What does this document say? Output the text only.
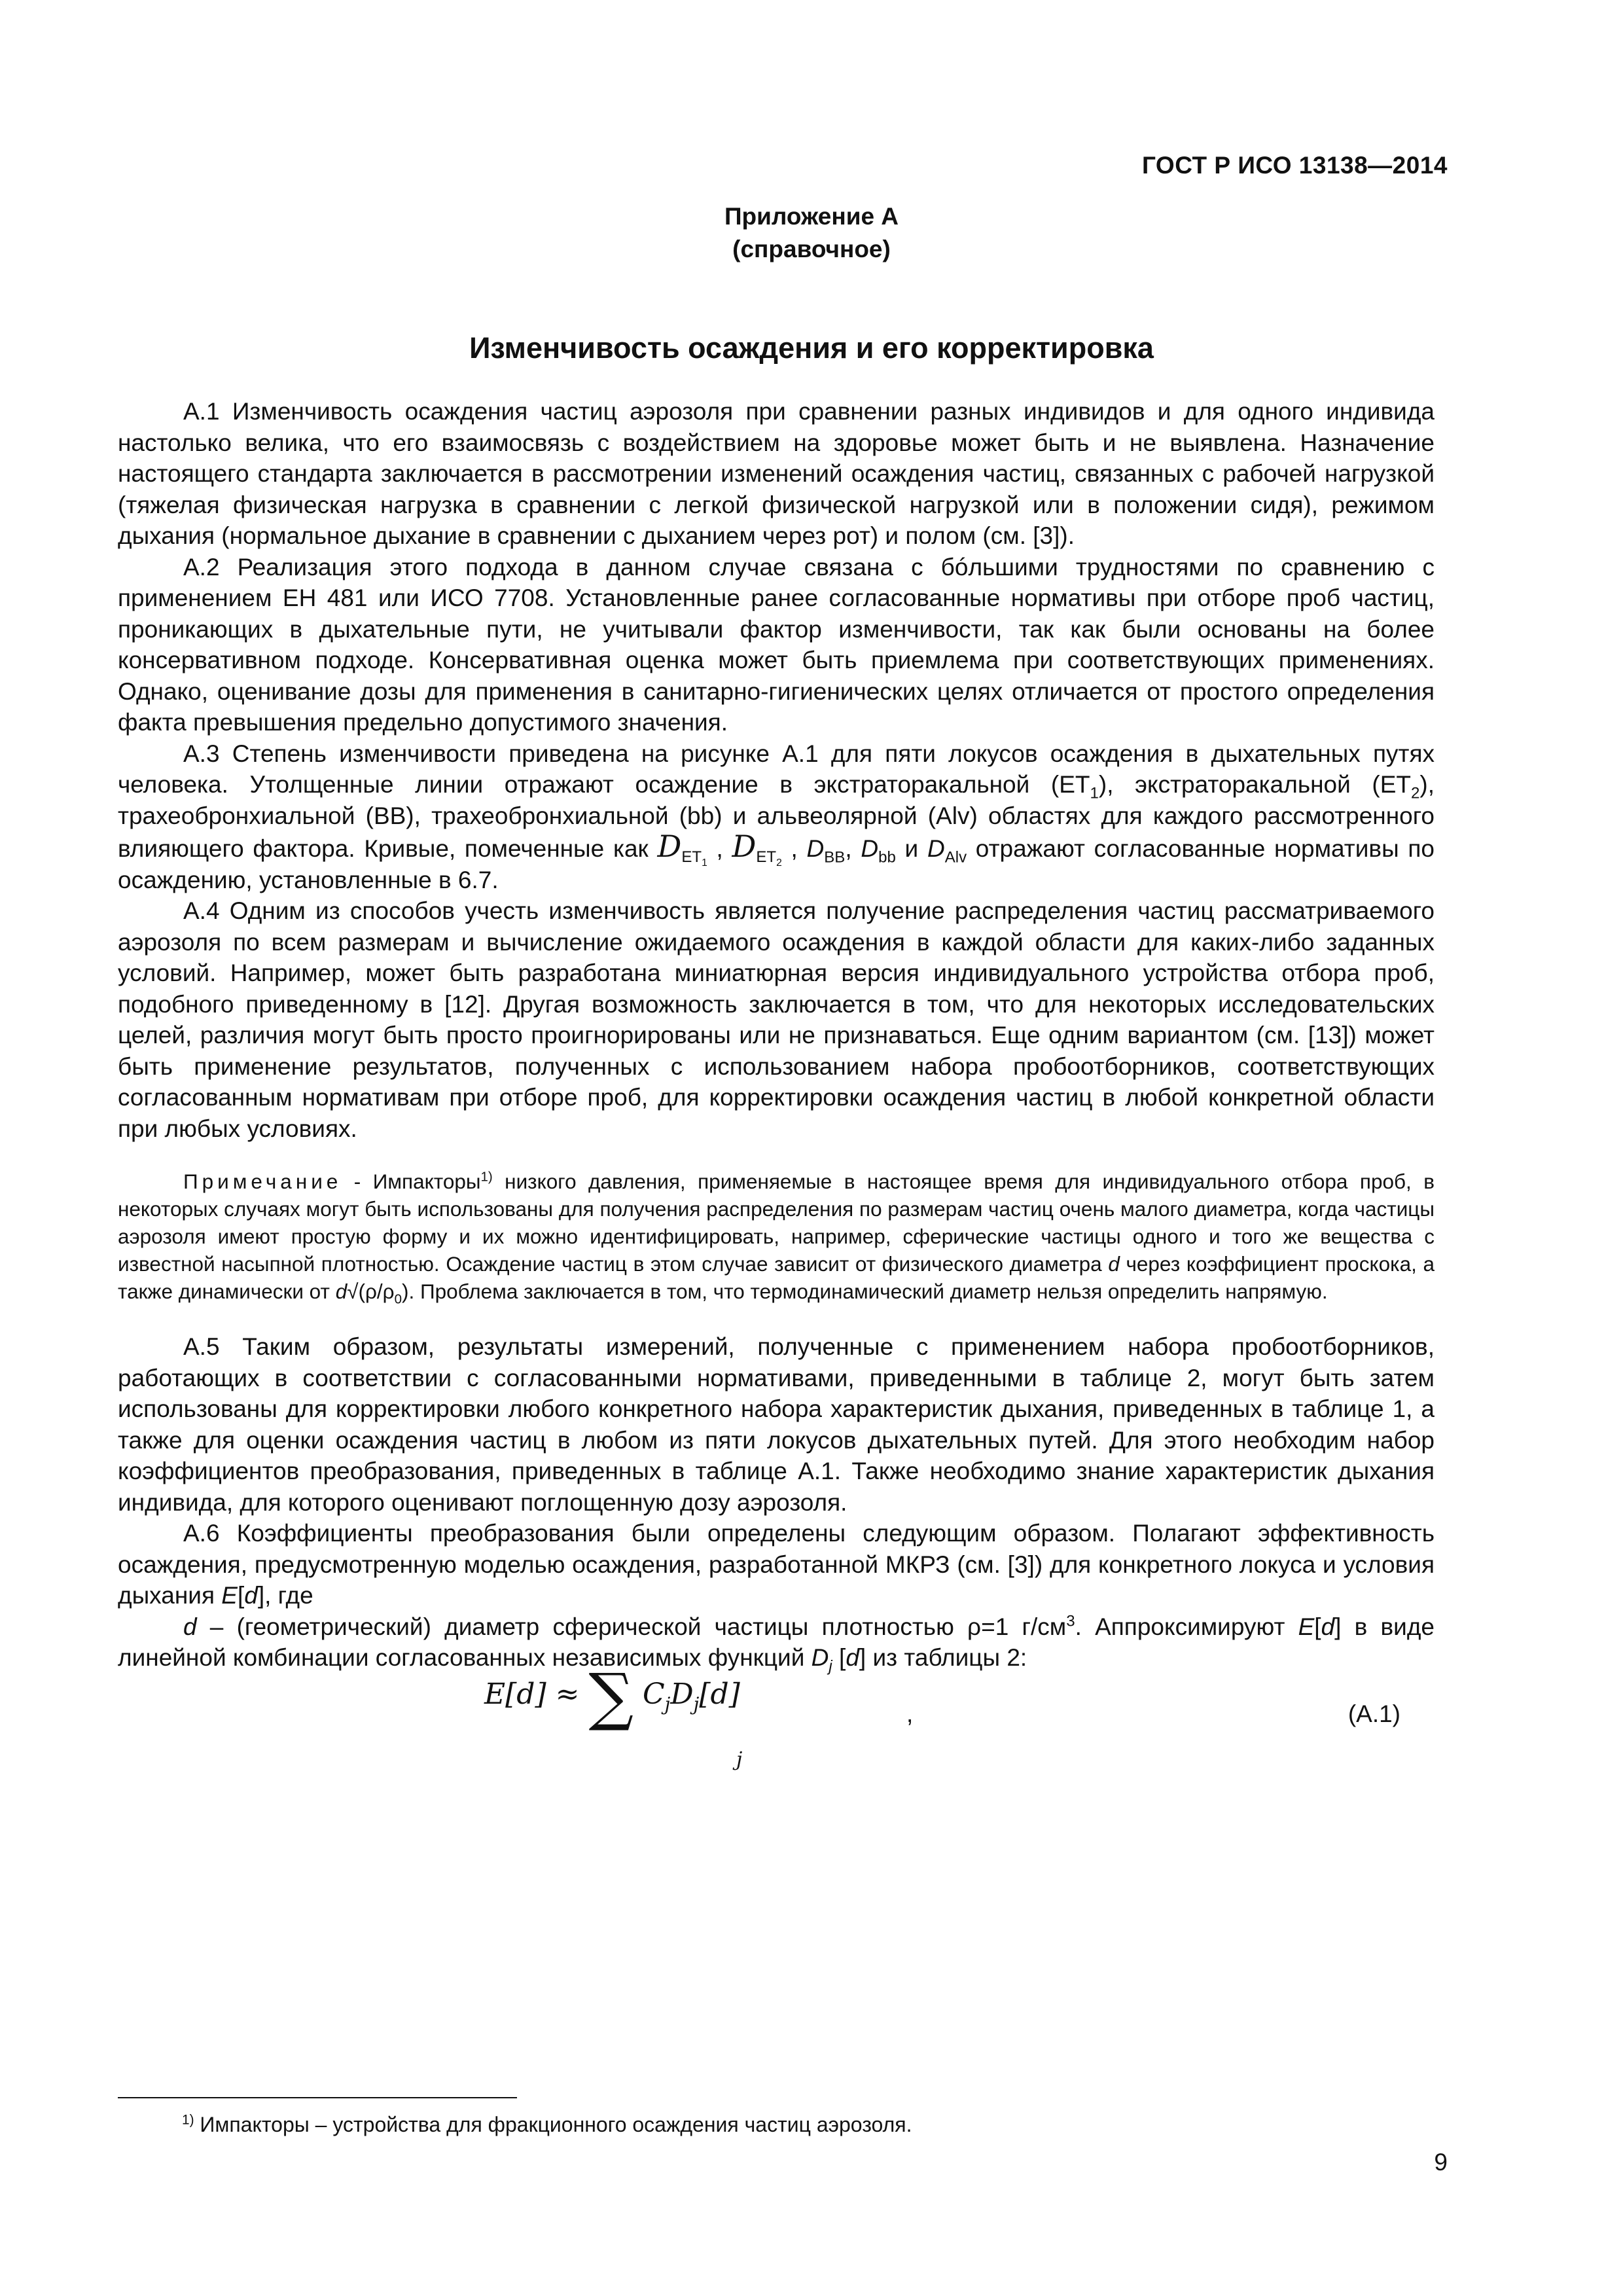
ГОСТ Р ИСО 13138—2014
Приложение А
(справочное)
Изменчивость осаждения и его корректировка

А.1 Изменчивость осаждения частиц аэрозоля при сравнении разных индивидов и для одного индивида настолько велика, что его взаимосвязь с воздействием на здоровье может быть и не выявлена. Назначение настоящего стандарта заключается в рассмотрении изменений осаждения частиц, связанных с рабочей нагрузкой (тяжелая физическая нагрузка в сравнении с легкой физической нагрузкой или в положении сидя), режимом дыхания (нормальное дыхание в сравнении с дыханием через рот) и полом (см. [3]).

А.2 Реализация этого подхода в данном случае связана с бóльшими трудностями по сравнению с применением ЕН 481 или ИСО 7708. Установленные ранее согласованные нормативы при отборе проб частиц, проникающих в дыхательные пути, не учитывали фактор изменчивости, так как были основаны на более консервативном подходе. Консервативная оценка может быть приемлема при соответствующих применениях. Однако, оценивание дозы для применения в санитарно-гигиенических целях отличается от простого определения факта превышения предельно допустимого значения.

А.3 Степень изменчивости приведена на рисунке А.1 для пяти локусов осаждения в дыхательных путях человека. Утолщенные линии отражают осаждение в экстраторакальной $(ЕТ_1)$, экстраторакальной $(ЕТ_2)$, трахеобронхиальной (ВВ), трахеобронхиальной (bb) и альвеолярной (Alv) областях для каждого рассмотренного влияющего фактора. Кривые, помеченные как $D_{ET_1}$ , $D_{ET_2}$ , $D_{BB}$, $D_{bb}$ и $D_{Alv}$ отражают согласованные нормативы по осаждению, установленные в 6.7.

А.4 Одним из способов учесть изменчивость является получение распределения частиц рассматриваемого аэрозоля по всем размерам и вычисление ожидаемого осаждения в каждой области для каких-либо заданных условий. Например, может быть разработана миниатюрная версия индивидуального устройства отбора проб, подобного приведенному в [12]. Другая возможность заключается в том, что для некоторых исследовательских целей, различия могут быть просто проигнорированы или не признаваться. Еще одним вариантом (см. [13]) может быть применение результатов, полученных с использованием набора пробоотборников, соответствующих согласованным нормативам при отборе проб, для корректировки осаждения частиц в любой конкретной области при любых условиях.

Примечание - Импакторы$^{1)}$ низкого давления, применяемые в настоящее время для индивидуального отбора проб, в некоторых случаях могут быть использованы для получения распределения по размерам частиц очень малого диаметра, когда частицы аэрозоля имеют простую форму и их можно идентифицировать, например, сферические частицы одного и того же вещества с известной насыпной плотностью. Осаждение частиц в этом случае зависит от физического диаметра d через коэффициент проскока, а также динамически от $d√(\rho/\rho_0)$. Проблема заключается в том, что термодинамический диаметр нельзя определить напрямую.

А.5 Таким образом, результаты измерений, полученные с применением набора пробоотборников, работающих в соответствии с согласованными нормативами, приведенными в таблице 2, могут быть затем использованы для корректировки любого конкретного набора характеристик дыхания, приведенных в таблице 1, а также для оценки осаждения частиц в любом из пяти локусов дыхательных путей. Для этого необходим набор коэффициентов преобразования, приведенных в таблице А.1. Также необходимо знание характеристик дыхания индивида, для которого оценивают поглощенную дозу аэрозоля.

А.6 Коэффициенты преобразования были определены следующим образом. Полагают эффективность осаждения, предусмотренную моделью осаждения, разработанной МКРЗ (см. [3]) для конкретного локуса и условия дыхания E[d], где

d – (геометрический) диаметр сферической частицы плотностью ρ=1 $г/см^3$. Аппроксимируют E[d] в виде линейной комбинации согласованных независимых функций $D_j$ [d] из таблицы 2:

E[d] ≈ ∑ $C_jD_j[d]$
j
,	(А.1)
$^{1)}$ Импакторы – устройства для фракционного осаждения частиц аэрозоля.
9
